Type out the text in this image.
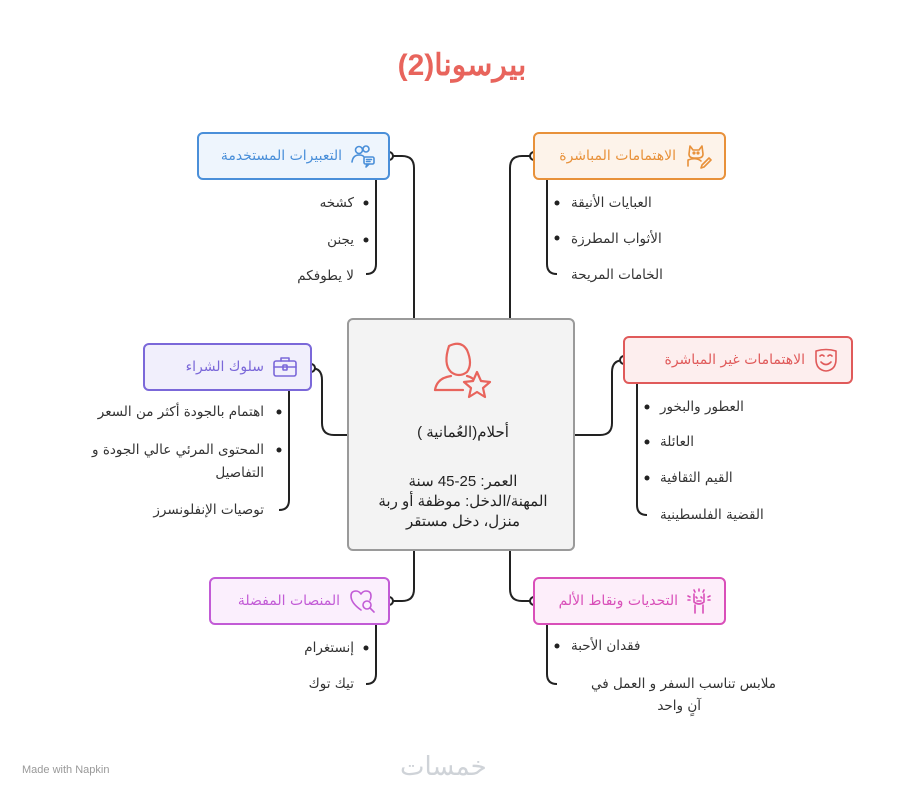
بيرسونا(2)
أحلام(العُمانية )
العمر: 25-45 سنة
المهنة/الدخل: موظفة أو ربة
منزل، دخل مستقر
التعبيرات المستخدمة
كشخه
يجنن
لا يطوفكم
الاهتمامات المباشرة
العبايات الأنيقة
الأثواب المطرزة
الخامات المريحة
سلوك الشراء
اهتمام بالجودة أكثر من السعر
المحتوى المرئي عالي الجودة و
التفاصيل
توصيات الإنفلونسرز
الاهتمامات غير المباشرة
العطور والبخور
العائلة
القيم الثقافية
القضية الفلسطينية
المنصات المفضلة
إنستغرام
تيك توك
التحديات ونقاط الألم
فقدان الأحبة
ملابس تناسب السفر و العمل في
آنٍ واحد
Made with Napkin	خمسات
